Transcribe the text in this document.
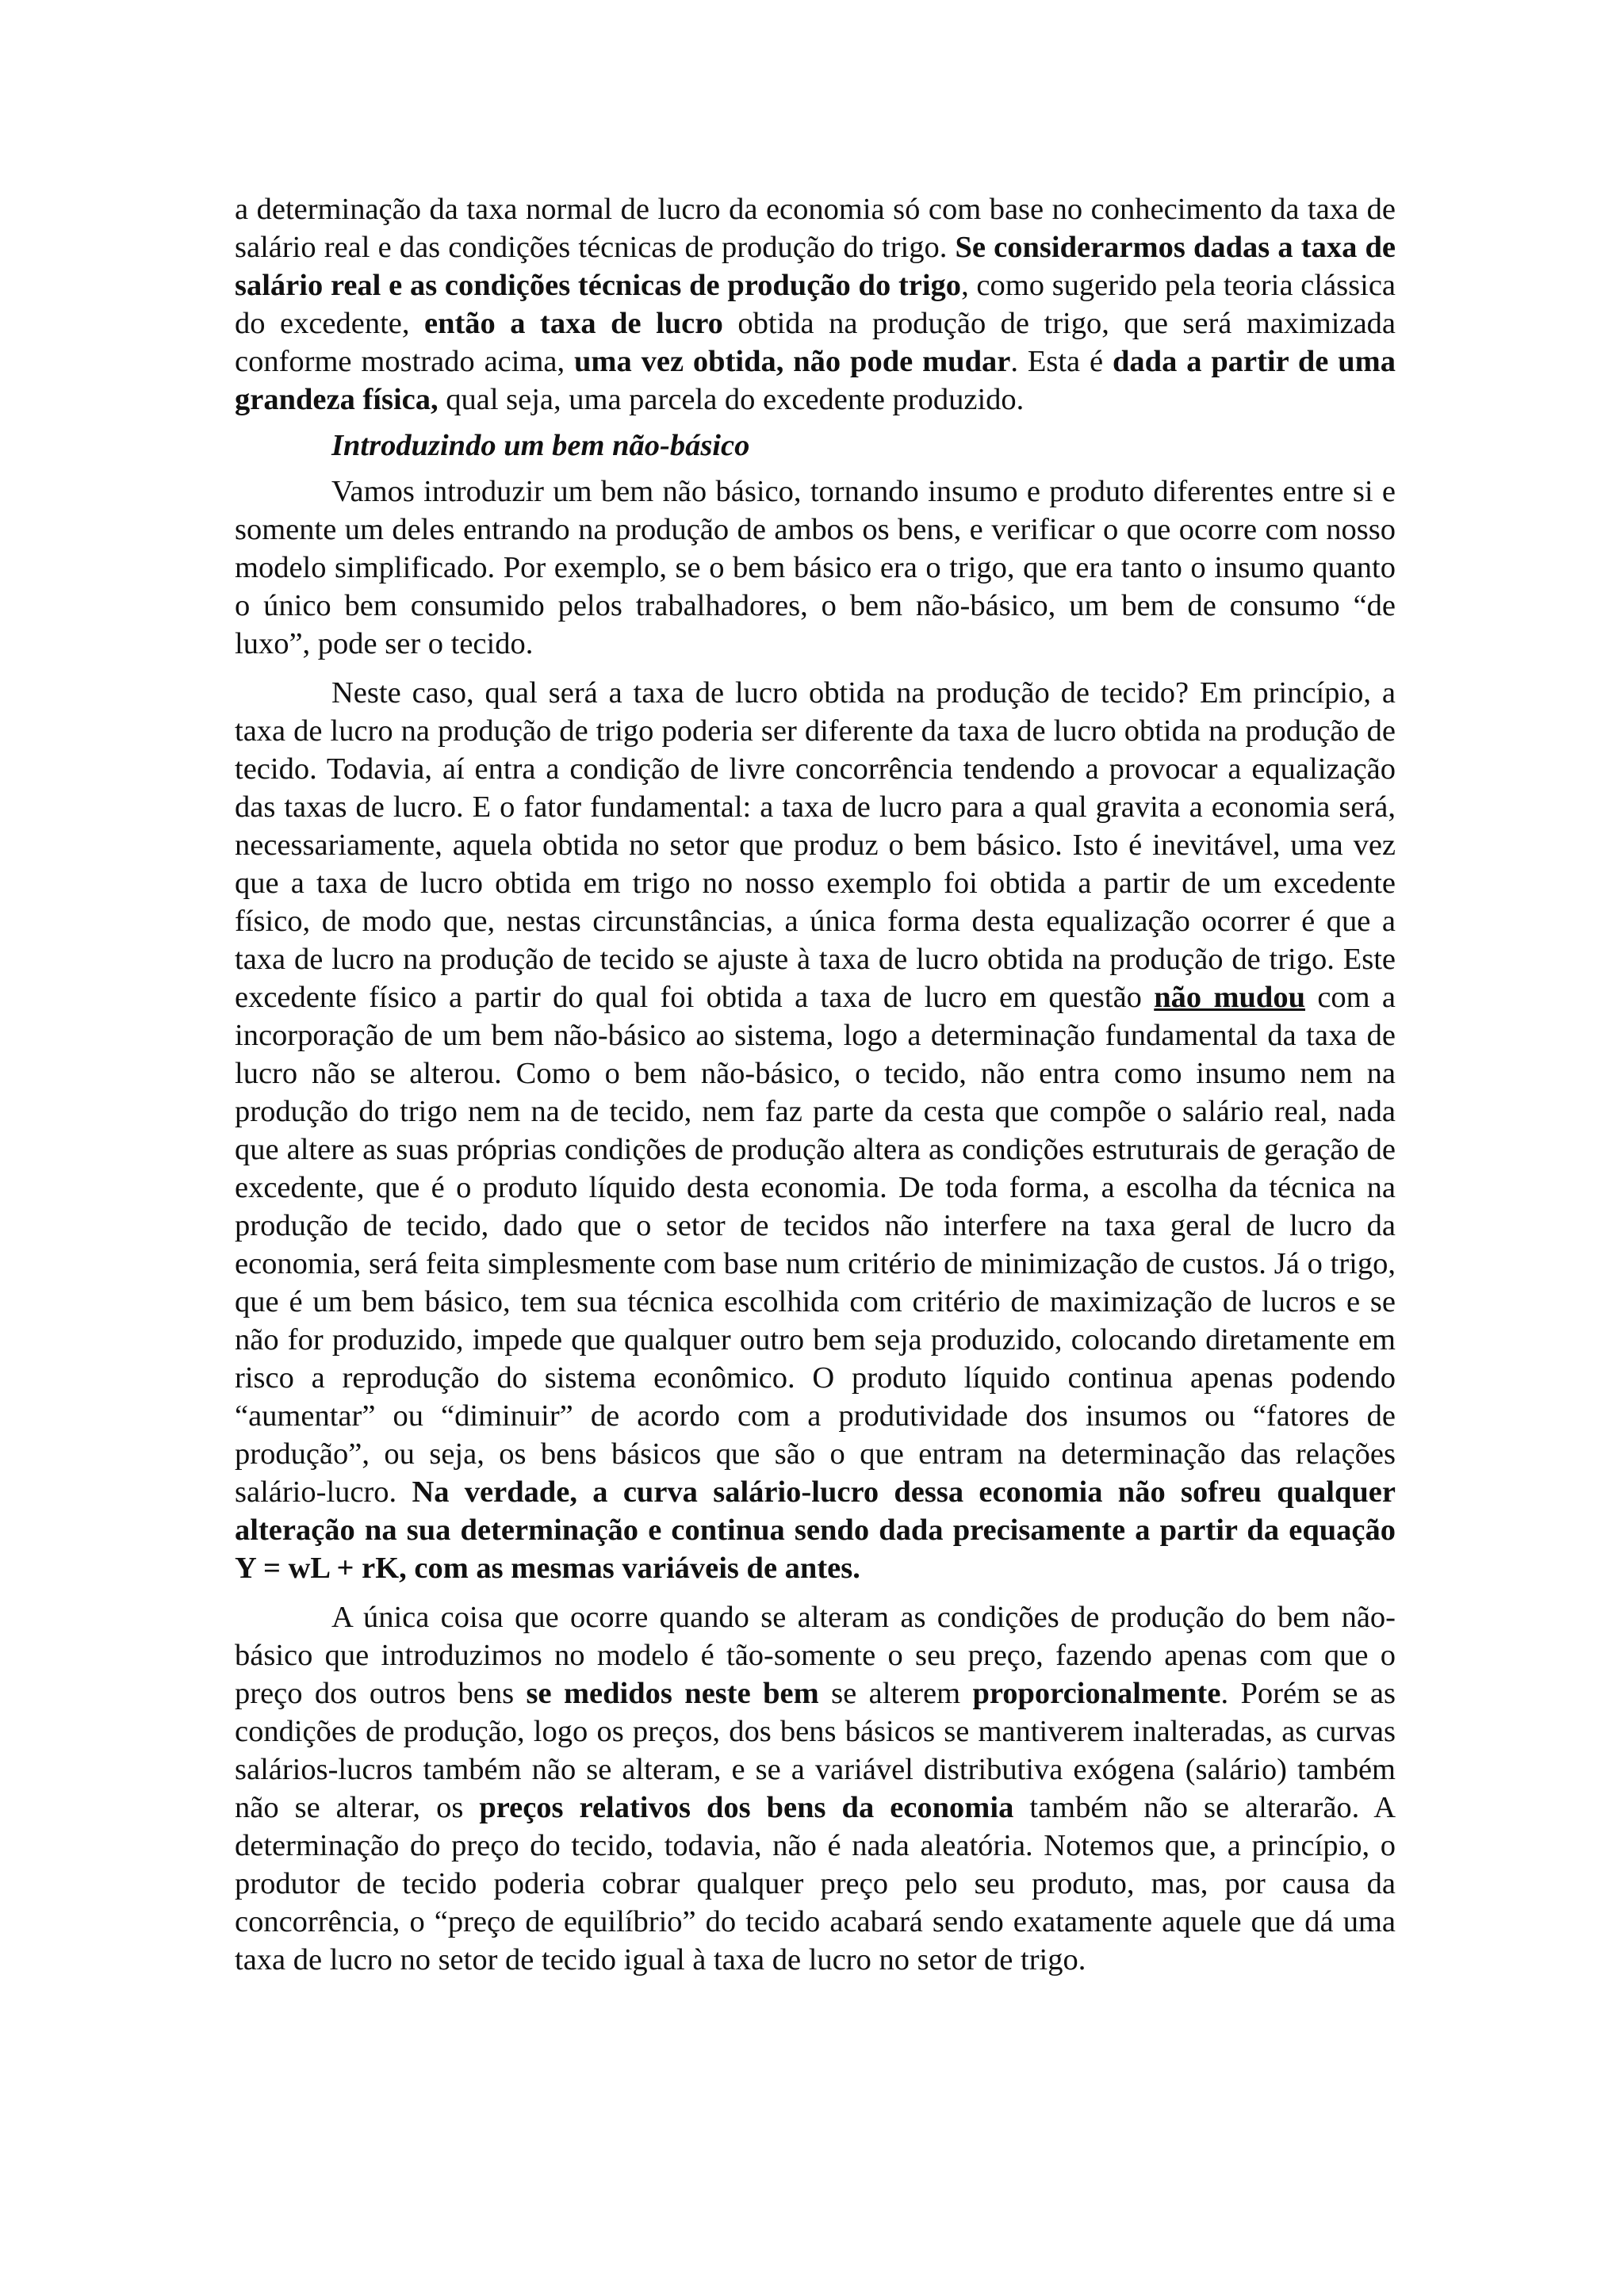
a determinação da taxa normal de lucro da economia só com base no conhecimento da taxa de salário real e das condições técnicas de produção do trigo. Se considerarmos dadas a taxa de salário real e as condições técnicas de produção do trigo, como sugerido pela teoria clássica do excedente, então a taxa de lucro obtida na produção de trigo, que será maximizada conforme mostrado acima, uma vez obtida, não pode mudar. Esta é dada a partir de uma grandeza física, qual seja, uma parcela do excedente produzido.

Introduzindo um bem não-básico

Vamos introduzir um bem não básico, tornando insumo e produto diferentes entre si e somente um deles entrando na produção de ambos os bens, e verificar o que ocorre com nosso modelo simplificado. Por exemplo, se o bem básico era o trigo, que era tanto o insumo quanto o único bem consumido pelos trabalhadores, o bem não-básico, um bem de consumo “de luxo”, pode ser o tecido.

Neste caso, qual será a taxa de lucro obtida na produção de tecido? Em princípio, a taxa de lucro na produção de trigo poderia ser diferente da taxa de lucro obtida na produção de tecido. Todavia, aí entra a condição de livre concorrência tendendo a provocar a equalização das taxas de lucro. E o fator fundamental: a taxa de lucro para a qual gravita a economia será, necessariamente, aquela obtida no setor que produz o bem básico. Isto é inevitável, uma vez que a taxa de lucro obtida em trigo no nosso exemplo foi obtida a partir de um excedente físico, de modo que, nestas circunstâncias, a única forma desta equalização ocorrer é que a taxa de lucro na produção de tecido se ajuste à taxa de lucro obtida na produção de trigo. Este excedente físico a partir do qual foi obtida a taxa de lucro em questão não mudou com a incorporação de um bem não-básico ao sistema, logo a determinação fundamental da taxa de lucro não se alterou. Como o bem não-básico, o tecido, não entra como insumo nem na produção do trigo nem na de tecido, nem faz parte da cesta que compõe o salário real, nada que altere as suas próprias condições de produção altera as condições estruturais de geração de excedente, que é o produto líquido desta economia. De toda forma, a escolha da técnica na produção de tecido, dado que o setor de tecidos não interfere na taxa geral de lucro da economia, será feita simplesmente com base num critério de minimização de custos. Já o trigo, que é um bem básico, tem sua técnica escolhida com critério de maximização de lucros e se não for produzido, impede que qualquer outro bem seja produzido, colocando diretamente em risco a reprodução do sistema econômico. O produto líquido continua apenas podendo “aumentar” ou “diminuir” de acordo com a produtividade dos insumos ou “fatores de produção”, ou seja, os bens básicos que são o que entram na determinação das relações salário-lucro. Na verdade, a curva salário-lucro dessa economia não sofreu qualquer alteração na sua determinação e continua sendo dada precisamente a partir da equação Y = wL + rK, com as mesmas variáveis de antes.

A única coisa que ocorre quando se alteram as condições de produção do bem não-básico que introduzimos no modelo é tão-somente o seu preço, fazendo apenas com que o preço dos outros bens se medidos neste bem se alterem proporcionalmente. Porém se as condições de produção, logo os preços, dos bens básicos se mantiverem inalteradas, as curvas salários-lucros também não se alteram, e se a variável distributiva exógena (salário) também não se alterar, os preços relativos dos bens da economia também não se alterarão. A determinação do preço do tecido, todavia, não é nada aleatória. Notemos que, a princípio, o produtor de tecido poderia cobrar qualquer preço pelo seu produto, mas, por causa da concorrência, o “preço de equilíbrio” do tecido acabará sendo exatamente aquele que dá uma taxa de lucro no setor de tecido igual à taxa de lucro no setor de trigo.
